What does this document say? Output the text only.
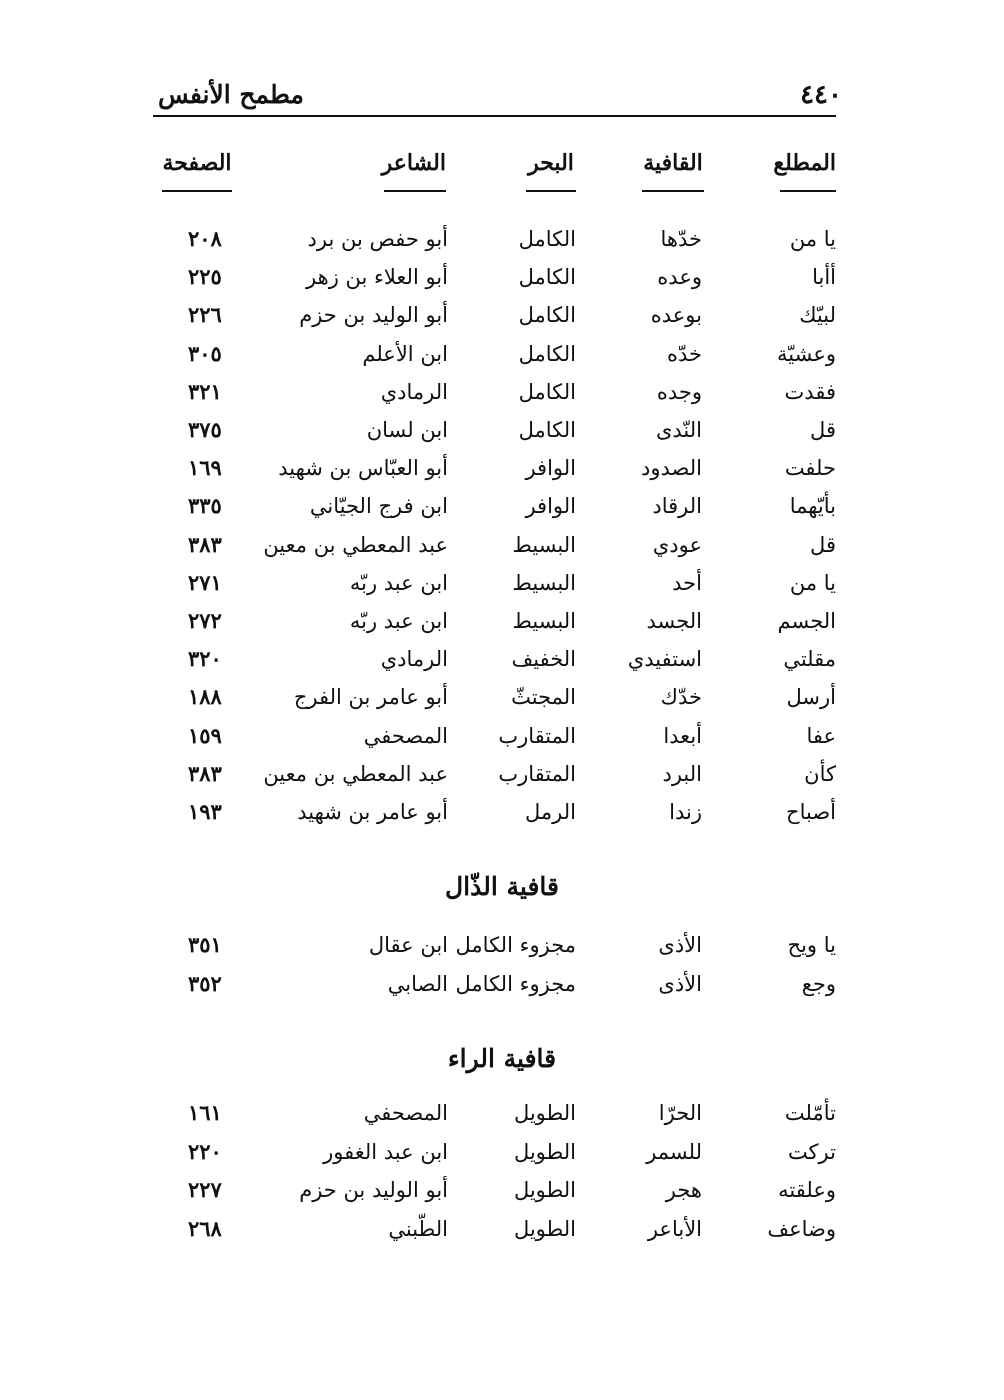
٤٤٠
مطمح الأنفس
المطلع
القافية
البحر
الشاعر
الصفحة
يا من
خدّها
الكامل
أبو حفص بن برد
٢٠٨
أأبا
وعده
الكامل
أبو العلاء بن زهر
٢٢٥
لبيّك
بوعده
الكامل
أبو الوليد بن حزم
٢٢٦
وعشيّة
خدّه
الكامل
ابن الأعلم
٣٠٥
فقدت
وجده
الكامل
الرمادي
٣٢١
قل
النّدى
الكامل
ابن لسان
٣٧٥
حلفت
الصدود
الوافر
أبو العبّاس بن شهيد
١٦٩
بأيّهما
الرقاد
الوافر
ابن فرج الجيّاني
٣٣٥
قل
عودي
البسيط
عبد المعطي بن معين
٣٨٣
يا من
أحد
البسيط
ابن عبد ربّه
٢٧١
الجسم
الجسد
البسيط
ابن عبد ربّه
٢٧٢
مقلتي
استفيدي
الخفيف
الرمادي
٣٢٠
أرسل
خدّك
المجتثّ
أبو عامر بن الفرج
١٨٨
عفا
أبعدا
المتقارب
المصحفي
١٥٩
كأن
البرد
المتقارب
عبد المعطي بن معين
٣٨٣
أصباح
زندا
الرمل
أبو عامر بن شهيد
١٩٣
قافية الذّال
يا ويح
الأذى
مجزوء الكامل
ابن عقال
٣٥١
وجع
الأذى
مجزوء الكامل
الصابي
٣٥٢
قافية الراء
تأمّلت
الحرّا
الطويل
المصحفي
١٦١
تركت
للسمر
الطويل
ابن عبد الغفور
٢٢٠
وعلقته
هجر
الطويل
أبو الوليد بن حزم
٢٢٧
وضاعف
الأباعر
الطويل
الطّبني
٢٦٨
